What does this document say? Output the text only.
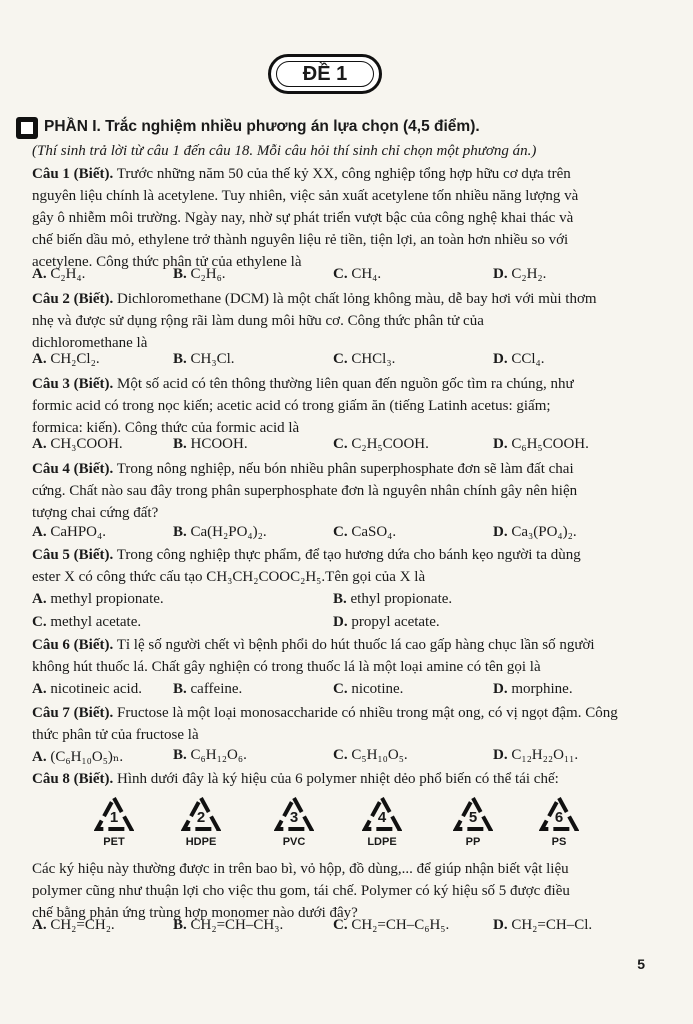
ĐỀ 1
PHẦN I. Trắc nghiệm nhiều phương án lựa chọn (4,5 điểm).
(Thí sinh trả lời từ câu 1 đến câu 18. Mỗi câu hỏi thí sinh chỉ chọn một phương án.)
Câu 1 (Biết). Trước những năm 50 của thế kỷ XX, công nghiệp tổng hợp hữu cơ dựa trên
nguyên liệu chính là acetylene. Tuy nhiên, việc sản xuất acetylene tốn nhiều năng lượng và
gây ô nhiễm môi trường. Ngày nay, nhờ sự phát triển vượt bậc của công nghệ khai thác và
chế biến dầu mỏ, ethylene trở thành nguyên liệu rẻ tiền, tiện lợi, an toàn hơn nhiều so với
acetylene. Công thức phân tử của ethylene là
A. C₂H₄.	B. C₂H₆.	C. CH₄.	D. C₂H₂.
Câu 2 (Biết). Dichloromethane (DCM) là một chất lỏng không màu, dễ bay hơi với mùi thơm
nhẹ và được sử dụng rộng rãi làm dung môi hữu cơ. Công thức phân tử của
dichloromethane là
A. CH₂Cl₂.	B. CH₃Cl.	C. CHCl₃.	D. CCl₄.
Câu 3 (Biết). Một số acid có tên thông thường liên quan đến nguồn gốc tìm ra chúng, như
formic acid có trong nọc kiến; acetic acid có trong giấm ăn (tiếng Latinh acetus: giấm;
formica: kiến). Công thức của formic acid là
A. CH₃COOH.	B. HCOOH.	C. C₂H₅COOH.	D. C₆H₅COOH.
Câu 4 (Biết). Trong nông nghiệp, nếu bón nhiều phân superphosphate đơn sẽ làm đất chai
cứng. Chất nào sau đây trong phân superphosphate đơn là nguyên nhân chính gây nên hiện
tượng chai cứng đất?
A. CaHPO₄.	B. Ca(H₂PO₄)₂.	C. CaSO₄.	D. Ca₃(PO₄)₂.
Câu 5 (Biết). Trong công nghiệp thực phẩm, để tạo hương dứa cho bánh kẹo người ta dùng
ester X có công thức cấu tạo CH₃CH₂COOC₂H₅.Tên gọi của X là
A. methyl propionate.	B. ethyl propionate.
C. methyl acetate.	D. propyl acetate.
Câu 6 (Biết). Tỉ lệ số người chết vì bệnh phổi do hút thuốc lá cao gấp hàng chục lần số người
không hút thuốc lá. Chất gây nghiện có trong thuốc lá là một loại amine có tên gọi là
A. nicotineic acid. B. caffeine.	C. nicotine.	D. morphine.
Câu 7 (Biết). Fructose là một loại monosaccharide có nhiều trong mật ong, có vị ngọt đậm. Công
thức phân tử của fructose là
A. (C₆H₁₀O₅)ₙ.	B. C₆H₁₂O₆.	C. C₅H₁₀O₅.	D. C₁₂H₂₂O₁₁.
Câu 8 (Biết). Hình dưới đây là ký hiệu của 6 polymer nhiệt dẻo phổ biến có thể tái chế:
1
PET
2
HDPE
3
PVC
4
LDPE
5
PP
6
PS
Các ký hiệu này thường được in trên bao bì, vỏ hộp, đồ dùng,... để giúp nhận biết vật liệu
polymer cũng như thuận lợi cho việc thu gom, tái chế. Polymer có ký hiệu số 5 được điều
chế bằng phản ứng trùng hợp monomer nào dưới đây?
A. CH₂=CH₂.	B. CH₂=CH–CH₃.	C. CH₂=CH–C₆H₅.	D. CH₂=CH–Cl.
5
